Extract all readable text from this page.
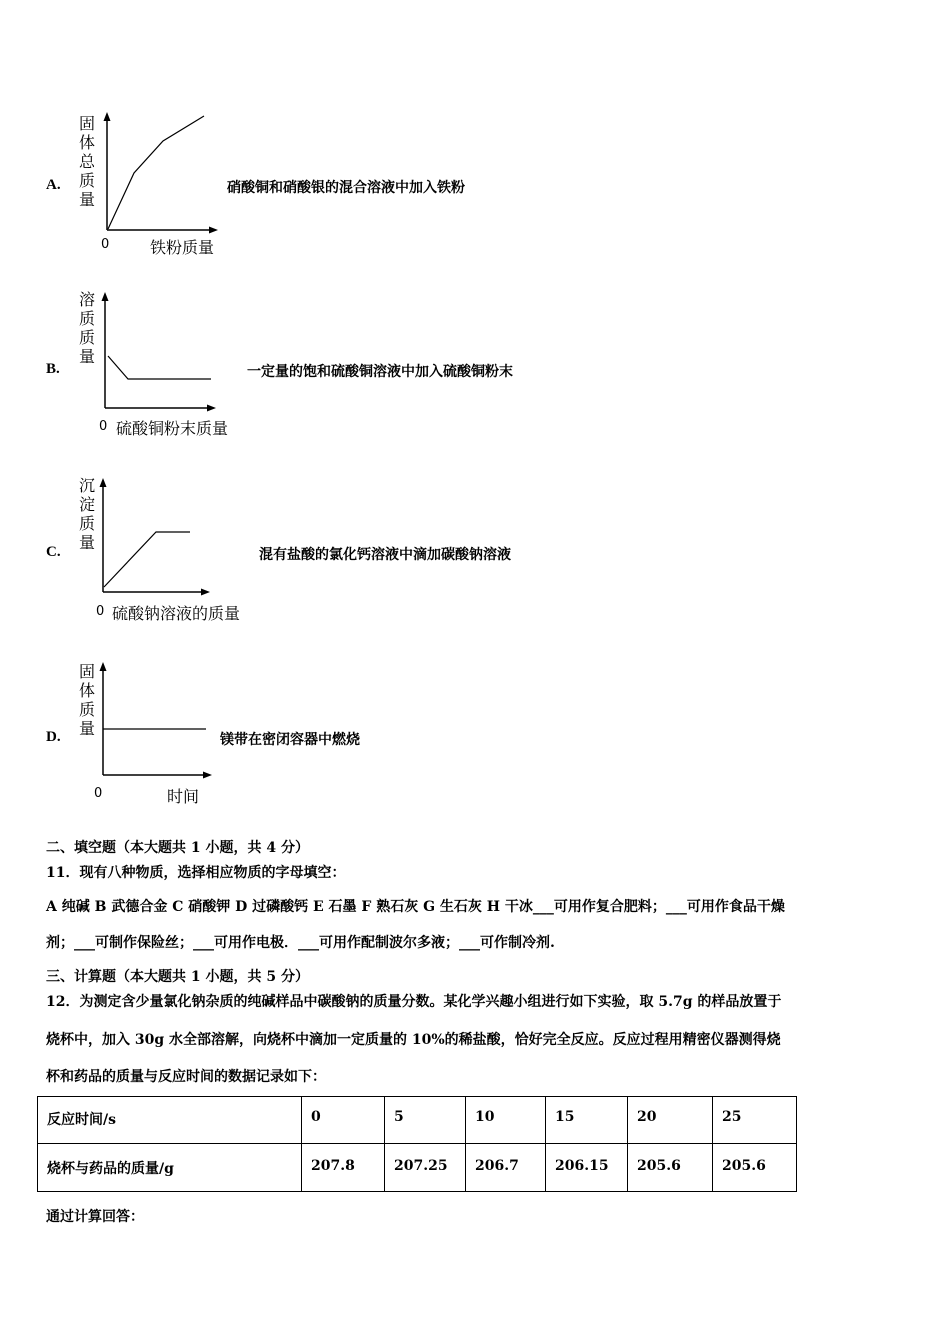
A.
固
体
总
质
量
0	铁粉质量
硝酸铜和硝酸银的混合溶液中加入铁粉
B.
溶
质
质
量
0 硫酸铜粉末质量
一定量的饱和硫酸铜溶液中加入硫酸铜粉末
C.
沉
淀
质
量
0 硫酸钠溶液的质量
混有盐酸的氯化钙溶液中滴加碳酸钠溶液
D.
固
体
质
量
0	时间
镁带在密闭容器中燃烧
二、填空题（本大题共 1 小题，共 4 分）
11．现有八种物质，选择相应物质的字母填空：
A 纯碱 B 武德合金 C 硝酸钾 D 过磷酸钙 E 石墨 F 熟石灰 G 生石灰 H 干冰___可用作复合肥料；___可用作食品干燥
剂；___可制作保险丝；___可用作电极．___可用作配制波尔多液；___可作制冷剂.
三、计算题（本大题共 1 小题，共 5 分）
12．为测定含少量氯化钠杂质的纯碱样品中碳酸钠的质量分数。某化学兴趣小组进行如下实验，取 5.7g 的样品放置于
烧杯中，加入 30g 水全部溶解，向烧杯中滴加一定质量的 10%的稀盐酸，恰好完全反应。反应过程用精密仪器测得烧
杯和药品的质量与反应时间的数据记录如下：
反应时间/s	0	5	10	15	20	25
烧杯与药品的质量/g	207.8	207.25	206.7	206.15	205.6	205.6
通过计算回答：
